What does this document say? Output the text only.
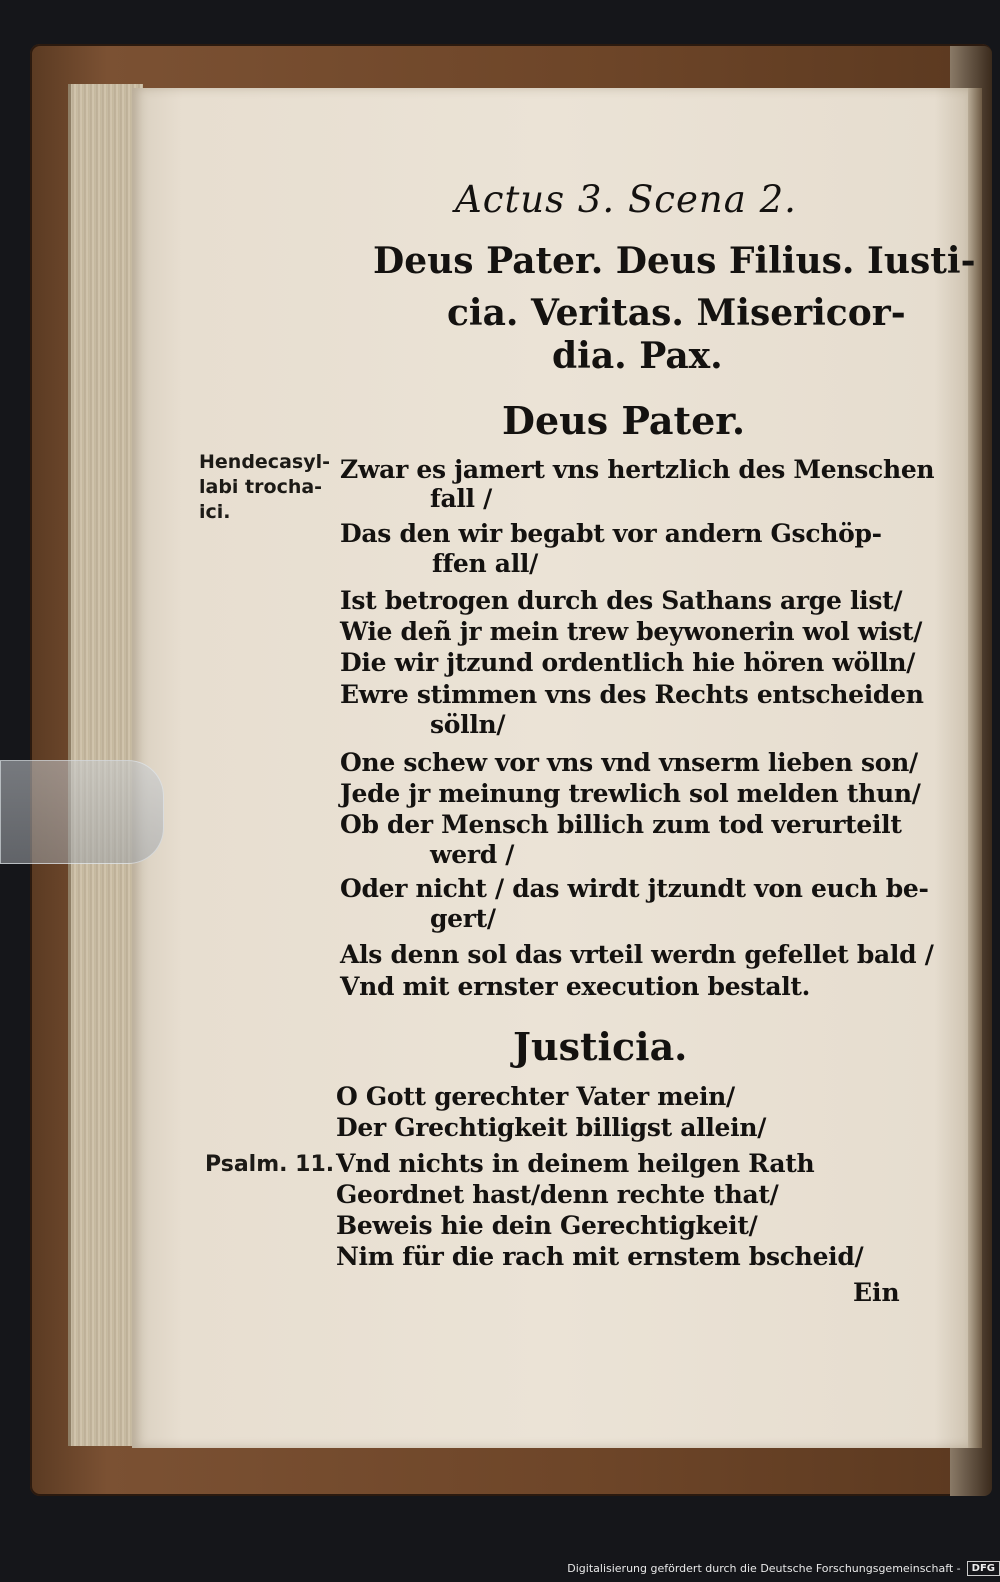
Actus 3. Scena 2.
Deus Pater. Deus Filius. Iusti-
cia. Veritas. Misericor-
dia. Pax.
Deus Pater.
Hendecasyl-
labi trocha-
ici.
Zwar es jamert vns hertzlich des Menschen
fall /
Das den wir begabt vor andern Gschöp-
ffen all/
Ist betrogen durch des Sathans arge list/
Wie deñ jr mein trew beywonerin wol wist/
Die wir jtzund ordentlich hie hören wölln/
Ewre stimmen vns des Rechts entscheiden
sölln/
One schew vor vns vnd vnserm lieben son/
Jede jr meinung trewlich sol melden thun/
Ob der Mensch billich zum tod verurteilt
werd /
Oder nicht / das wirdt jtzundt von euch be-
gert/
Als denn sol das vrteil werdn gefellet bald /
Vnd mit ernster execution bestalt.
Justicia.
Psalm. 11.
O Gott gerechter Vater mein/
Der Grechtigkeit billigst allein/
Vnd nichts in deinem heilgen Rath
Geordnet hast/denn rechte that/
Beweis hie dein Gerechtigkeit/
Nim für die rach mit ernstem bscheid/
Ein
Digitalisierung gefördert durch die Deutsche Forschungsgemeinschaft -	DFG
